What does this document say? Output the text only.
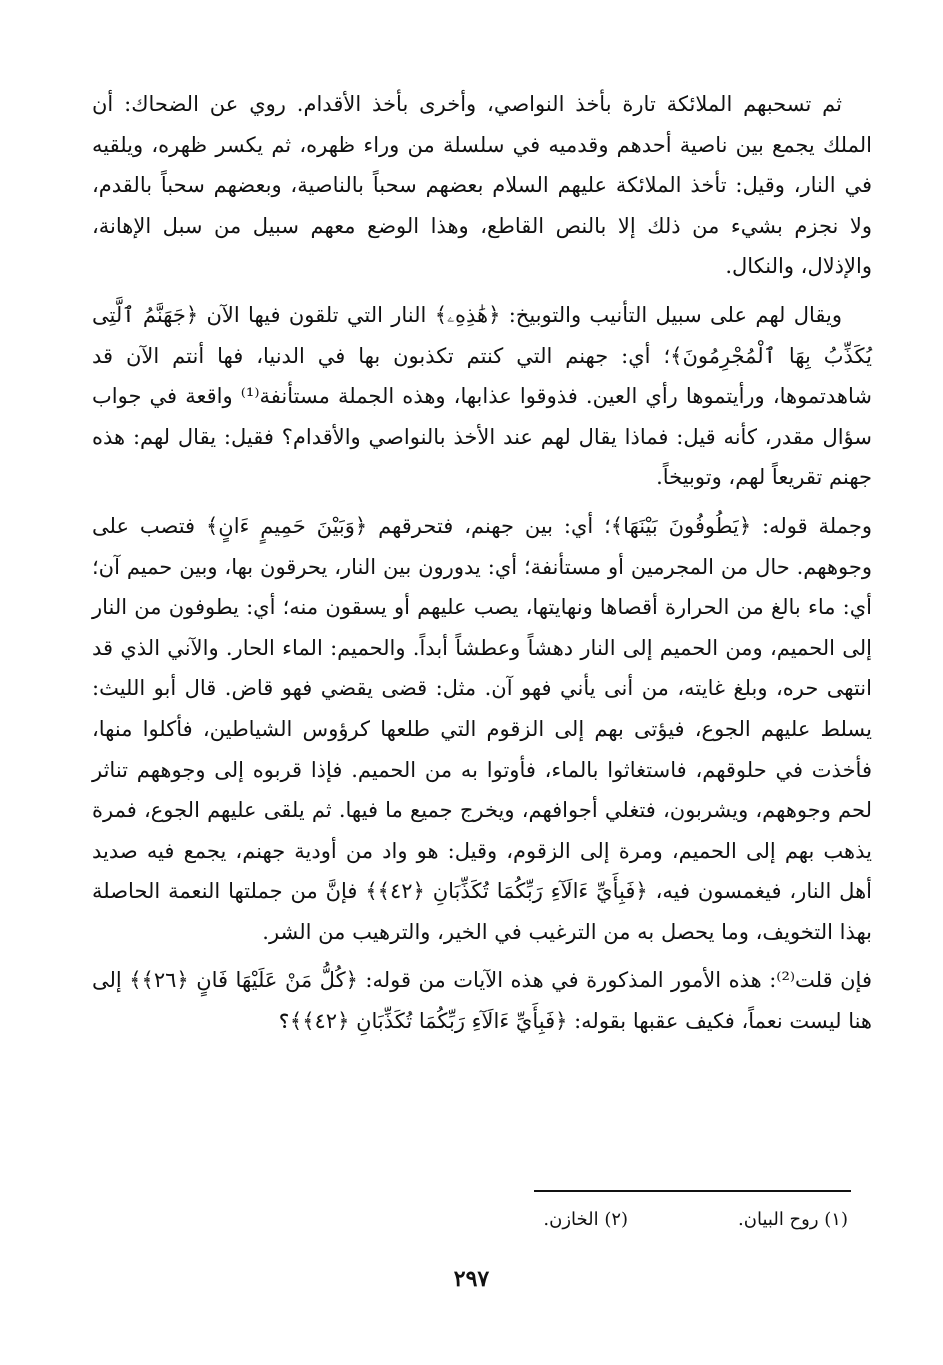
ثم تسحبهم الملائكة تارة بأخذ النواصي، وأخرى بأخذ الأقدام. روي عن الضحاك: أن الملك يجمع بين ناصية أحدهم وقدميه في سلسلة من وراء ظهره، ثم يكسر ظهره، ويلقيه في النار، وقيل: تأخذ الملائكة عليهم السلام بعضهم سحباً بالناصية، وبعضهم سحباً بالقدم، ولا نجزم بشيء من ذلك إلا بالنص القاطع، وهذا الوضع معهم سبيل من سبل الإهانة، والإذلال، والنكال.

ويقال لهم على سبيل التأنيب والتوبيخ: ﴿هَٰذِهِۦ﴾ النار التي تلقون فيها الآن ﴿جَهَنَّمُ ٱلَّتِى يُكَذِّبُ بِهَا ٱلْمُجْرِمُونَ﴾؛ أي: جهنم التي كنتم تكذبون بها في الدنيا، فها أنتم الآن قد شاهدتموها، ورأيتموها رأي العين. فذوقوا عذابها، وهذه الجملة مستأنفة⁽¹⁾ واقعة في جواب سؤال مقدر، كأنه قيل: فماذا يقال لهم عند الأخذ بالنواصي والأقدام؟ فقيل: يقال لهم: هذه جهنم تقريعاً لهم، وتوبيخاً.

وجملة قوله: ﴿يَطُوفُونَ بَيْنَهَا﴾؛ أي: بين جهنم، فتحرقهم ﴿وَبَيْنَ حَمِيمٍ ءَانٍ﴾ فتصب على وجوههم. حال من المجرمين أو مستأنفة؛ أي: يدورون بين النار، يحرقون بها، وبين حميم آن؛ أي: ماء بالغ من الحرارة أقصاها ونهايتها، يصب عليهم أو يسقون منه؛ أي: يطوفون من النار إلى الحميم، ومن الحميم إلى النار دهشاً وعطشاً أبداً. والحميم: الماء الحار. والآني الذي قد انتهى حره، وبلغ غايته، من أنى يأني فهو آن. مثل: قضى يقضي فهو قاض. قال أبو الليث: يسلط عليهم الجوع، فيؤتى بهم إلى الزقوم التي طلعها كرؤوس الشياطين، فأكلوا منها، فأخذت في حلوقهم، فاستغاثوا بالماء، فأوتوا به من الحميم. فإذا قربوه إلى وجوههم تناثر لحم وجوههم، ويشربون، فتغلي أجوافهم، ويخرج جميع ما فيها. ثم يلقى عليهم الجوع، فمرة يذهب بهم إلى الحميم، ومرة إلى الزقوم، وقيل: هو واد من أودية جهنم، يجمع فيه صديد أهل النار، فيغمسون فيه، ﴿فَبِأَيِّ ءَالَآءِ رَبِّكُمَا تُكَذِّبَانِ ﴿٤٢﴾﴾ فإنَّ من جملتها النعمة الحاصلة بهذا التخويف، وما يحصل به من الترغيب في الخير، والترهيب من الشر.

فإن قلت⁽²⁾: هذه الأمور المذكورة في هذه الآيات من قوله: ﴿كُلُّ مَنْ عَلَيْهَا فَانٍ ﴿٢٦﴾﴾ إلى هنا ليست نعماً، فكيف عقبها بقوله: ﴿فَبِأَيِّ ءَالَآءِ رَبِّكُمَا تُكَذِّبَانِ ﴿٤٢﴾﴾؟

(١) روح البيان.
(٢) الخازن.
٢٩٧
